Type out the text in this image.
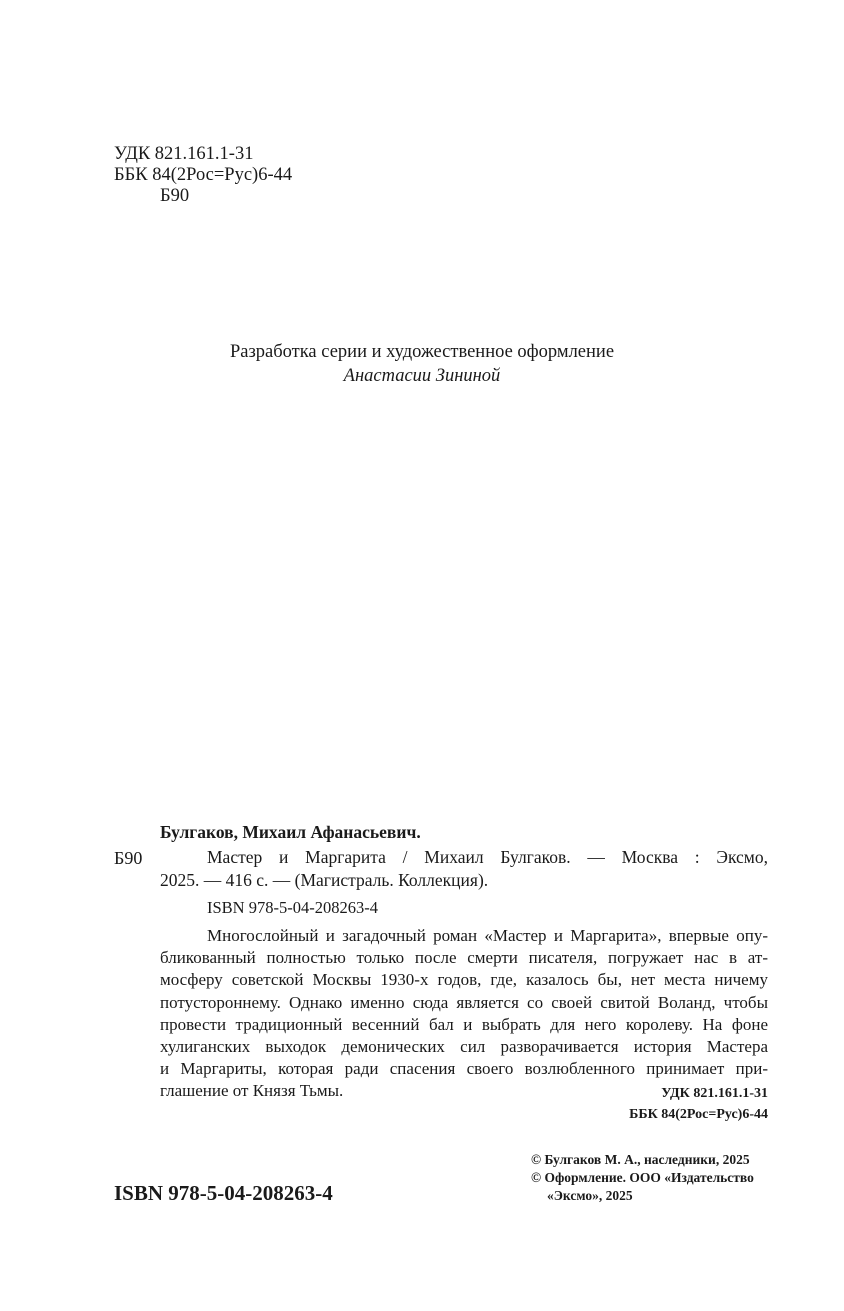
УДК 821.161.1-31
ББК 84(2Рос=Рус)6-44
Б90
Разработка серии и художественное оформление
Анастасии Зининой
Булгаков, Михаил Афанасьевич.
Б90	Мастер и Маргарита / Михаил Булгаков. — Москва : Эксмо,
2025. — 416 с. — (Магистраль. Коллекция).
ISBN 978-5-04-208263-4
Многослойный и загадочный роман «Мастер и Маргарита», впервые опу-
бликованный полностью только после смерти писателя, погружает нас в ат-
мосферу советской Москвы 1930-х годов, где, казалось бы, нет места ничему
потустороннему. Однако именно сюда является со своей свитой Воланд, чтобы
провести традиционный весенний бал и выбрать для него королеву. На фоне
хулиганских выходок демонических сил разворачивается история Мастера
и Маргариты, которая ради спасения своего возлюбленного принимает при-
глашение от Князя Тьмы.	УДК 821.161.1-31
ББК 84(2Рос=Рус)6-44
ISBN 978-5-04-208263-4
© Булгаков М. А., наследники, 2025
© Оформление. ООО «Издательство
«Эксмо», 2025
